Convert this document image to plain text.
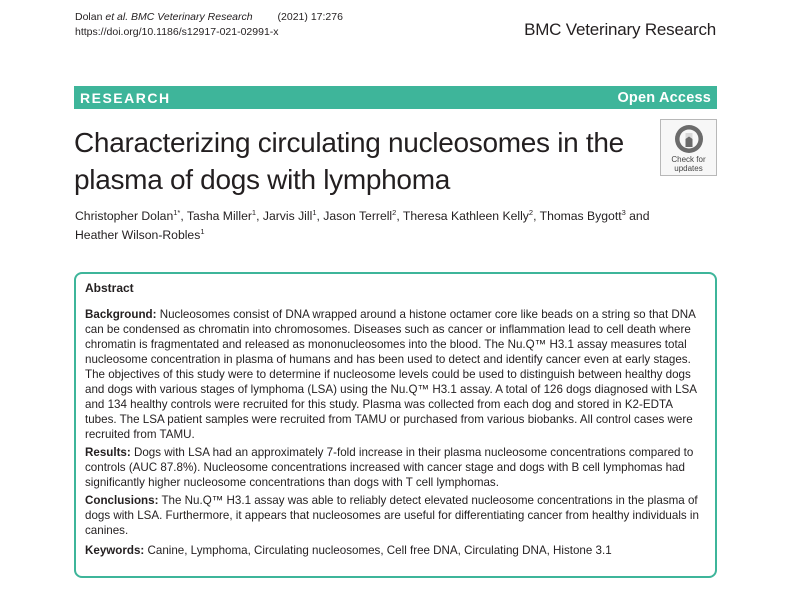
Dolan et al. BMC Veterinary Research (2021) 17:276
https://doi.org/10.1186/s12917-021-02991-x	BMC Veterinary Research
RESEARCH	Open Access
Characterizing circulating nucleosomes in the plasma of dogs with lymphoma
Check for
updates
Christopher Dolan$^{1*}$, Tasha Miller$^1$, Jarvis Jill$^1$, Jason Terrell$^2$, Theresa Kathleen Kelly$^2$, Thomas Bygott$^3$ and
Heather Wilson-Robles$^1$
Abstract

Background: Nucleosomes consist of DNA wrapped around a histone octamer core like beads on a string so that DNA can be condensed as chromatin into chromosomes. Diseases such as cancer or inflammation lead to cell death where chromatin is fragmentated and released as mononucleosomes into the blood. The Nu.Q™ H3.1 assay measures total nucleosome concentration in plasma of humans and has been used to detect and identify cancer even at early stages. The objectives of this study were to determine if nucleosome levels could be used to distinguish between healthy dogs and dogs with various stages of lymphoma (LSA) using the Nu.Q™ H3.1 assay. A total of 126 dogs diagnosed with LSA and 134 healthy controls were recruited for this study. Plasma was collected from each dog and stored in K2-EDTA tubes. The LSA patient samples were recruited from TAMU or purchased from various biobanks. All control cases were recruited from TAMU.

Results: Dogs with LSA had an approximately 7-fold increase in their plasma nucleosome concentrations compared to controls (AUC 87.8%). Nucleosome concentrations increased with cancer stage and dogs with B cell lymphomas had significantly higher nucleosome concentrations than dogs with T cell lymphomas.

Conclusions: The Nu.Q™ H3.1 assay was able to reliably detect elevated nucleosome concentrations in the plasma of dogs with LSA. Furthermore, it appears that nucleosomes are useful for differentiating cancer from healthy individuals in canines.

Keywords: Canine, Lymphoma, Circulating nucleosomes, Cell free DNA, Circulating DNA, Histone 3.1
